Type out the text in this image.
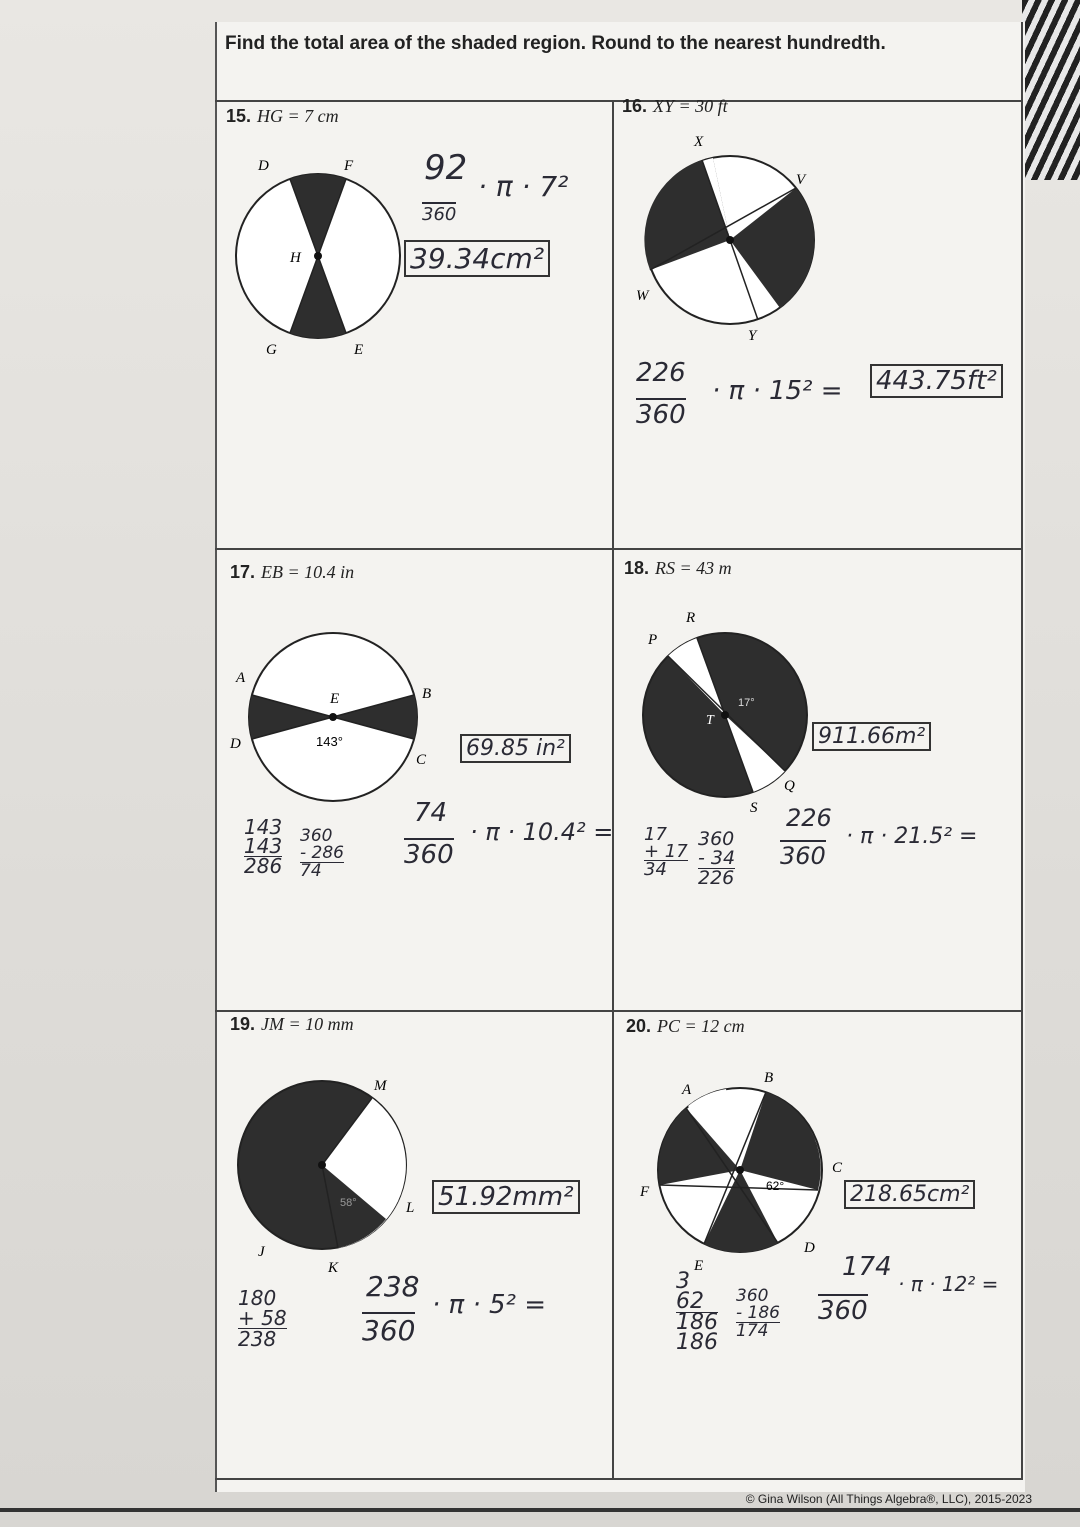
Find the total area of the shaded region. Round to the nearest hundredth.
15. HG = 7 cm
D	F
H
G	E
92
360
· π · 7²
39.34cm²
16. XY = 30 ft
X
V
W
Y
226
360
· π · 15² = 443.75ft²
17. EB = 10.4 in
A
E	B
D
C
143°
143
143
286
360
- 286
74
74
360
· π · 10.4² =
69.85 in²
18. RS = 43 m
R
P
T
S
Q
17°
17
+ 17
34
360
- 34
226
226
360
· π · 21.5² =
911.66m²
19. JM = 10 mm
M
L
J
K
58°
180
+ 58
238
238
360
· π · 5² =
51.92mm²
20. PC = 12 cm
A
B
C
F
D
E
62°
3
62
186
186
360
- 186
174
174
360
· π · 12² =
218.65cm²
© Gina Wilson (All Things Algebra®, LLC), 2015-2023
